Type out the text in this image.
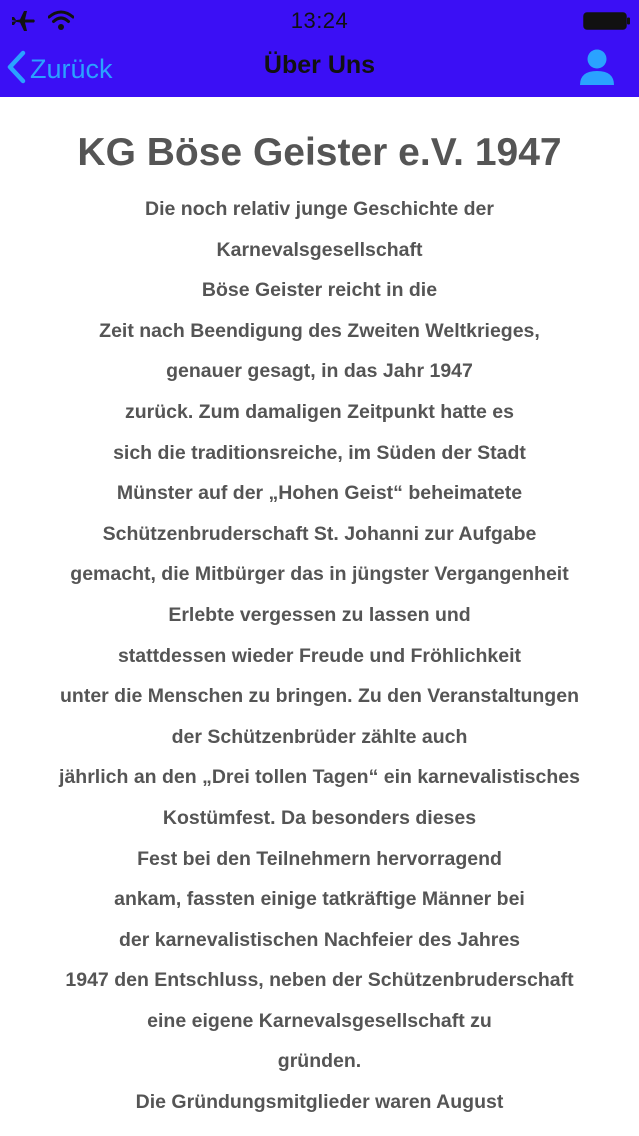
13:24
Zurück	Über Uns
KG Böse Geister e.V. 1947
Die noch relativ junge Geschichte der
Karnevalsgesellschaft
Böse Geister reicht in die
Zeit nach Beendigung des Zweiten Weltkrieges,
genauer gesagt, in das Jahr 1947
zurück. Zum damaligen Zeitpunkt hatte es
sich die traditionsreiche, im Süden der Stadt
Münster auf der „Hohen Geist“ beheimatete
Schützenbruderschaft St. Johanni zur Aufgabe
gemacht, die Mitbürger das in jüngster Vergangenheit
Erlebte vergessen zu lassen und
stattdessen wieder Freude und Fröhlichkeit
unter die Menschen zu bringen. Zu den Veranstaltungen
der Schützenbrüder zählte auch
jährlich an den „Drei tollen Tagen“ ein karnevalistisches
Kostümfest. Da besonders dieses
Fest bei den Teilnehmern hervorragend
ankam, fassten einige tatkräftige Männer bei
der karnevalistischen Nachfeier des Jahres
1947 den Entschluss, neben der Schützenbruderschaft
eine eigene Karnevalsgesellschaft zu
gründen.
Die Gründungsmitglieder waren August
